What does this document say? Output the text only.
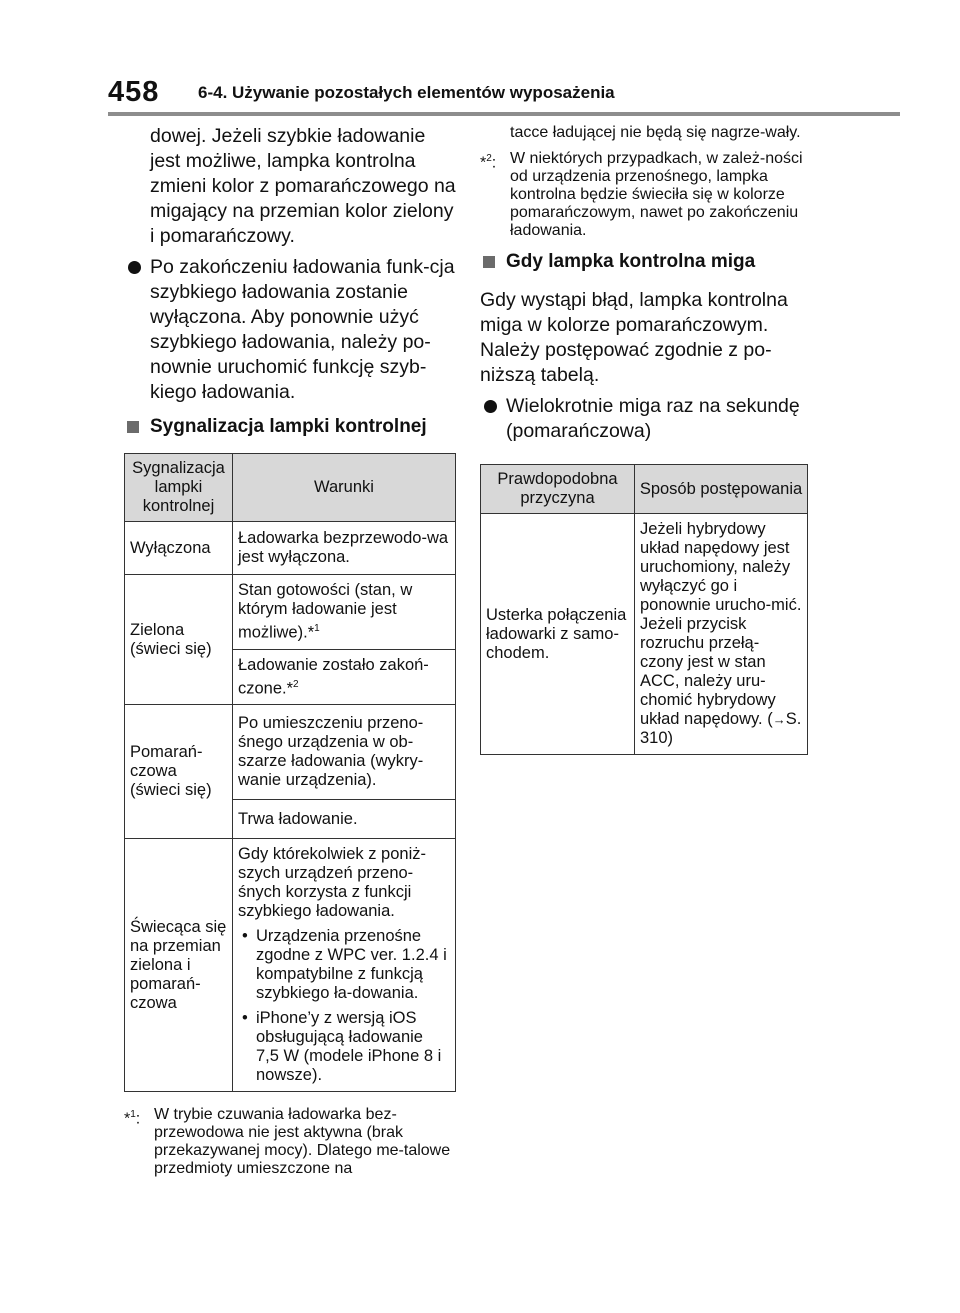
458 6-4. Używanie pozostałych elementów wyposażenia

dowej. Jeżeli szybkie ładowanie jest możliwe, lampka kontrolna zmieni kolor z pomarańczowego na migający na przemian kolor zielony i pomarańczowy.

Po zakończeniu ładowania funk-cja szybkiego ładowania zostanie wyłączona. Aby ponownie użyć szybkiego ładowania, należy po-nownie uruchomić funkcję szyb-kiego ładowania.
Sygnalizacja lampki kontrolnej
Sygnalizacja
lampki
kontrolnej	Warunki
Wyłączona	Ładowarka bezprzewodo-wa jest wyłączona.
Zielona (świeci się)	Stan gotowości (stan, w którym ładowanie jest możliwe).*$^1$
	Ładowanie zostało zakoń-czone.*$^2$
Pomarań-czowa (świeci się)	Po umieszczeniu przeno-śnego urządzenia w ob-szarze ładowania (wykry-wanie urządzenia).
	Trwa ładowanie.
Świecąca się na przemian zielona i pomarań-czowa	Gdy którekolwiek z poniż-szych urządzeń przeno-śnych korzysta z funkcji szybkiego ładowania.
• Urządzenia przenośne zgodne z WPC ver. 1.2.4 i kompatybilne z funkcją szybkiego ła-dowania.
• iPhone’y z wersją iOS obsługującą ładowanie 7,5 W (modele iPhone 8 i nowsze).
*$^1$: W trybie czuwania ładowarka bez-przewodowa nie jest aktywna (brak przekazywanej mocy). Dlatego me-talowe przedmioty umieszczone na
tacce ładującej nie będą się nagrze-wały.
*$^2$: W niektórych przypadkach, w zależ-ności od urządzenia przenośnego, lampka kontrolna będzie świeciła się w kolorze pomarańczowym, nawet po zakończeniu ładowania.
Gdy lampka kontrolna miga

Gdy wystąpi błąd, lampka kontrolna miga w kolorze pomarańczowym. Należy postępować zgodnie z po-niższą tabelą.

Wielokrotnie miga raz na sekundę (pomarańczowa)
Prawdopodobna przyczyna	Sposób postępowania
Usterka połączenia ładowarki z samo-chodem.	Jeżeli hybrydowy układ napędowy jest uruchomiony, należy wyłączyć go i ponownie urucho-mić. Jeżeli przycisk rozruchu przełą-czony jest w stan ACC, należy uru-chomić hybrydowy układ napędowy. (→S. 310)
